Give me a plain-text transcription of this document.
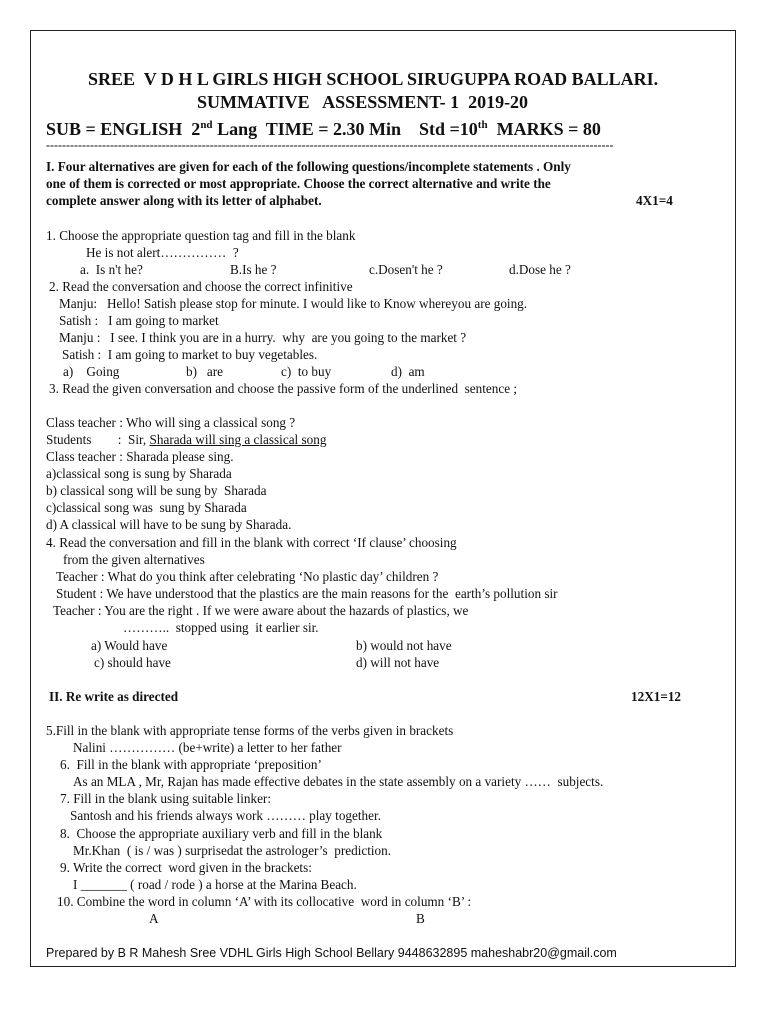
SREE  V D H L GIRLS HIGH SCHOOL SIRUGUPPA ROAD BALLARI.
SUMMATIVE   ASSESSMENT- 1  2019-20
SUB = ENGLISH  2nd Lang  TIME = 2.30 Min    Std =10th  MARKS = 80
----------------------------------------------------------------------------------------------------------------------------------------------
I. Four alternatives are given for each of the following questions/incomplete statements . Only
one of them is corrected or most appropriate. Choose the correct alternative and write the
complete answer along with its letter of alphabet.	4X1=4
1. Choose the appropriate question tag and fill in the blank
He is not alert……………  ?
a.  Is n't he?	B.Is he ?	c.Dosen't he ?	d.Dose he ?
2. Read the conversation and choose the correct infinitive
Manju:   Hello! Satish please stop for minute. I would like to Know whereyou are going.
Satish :   I am going to market
Manju :   I see. I think you are in a hurry.  why  are you going to the market ?
Satish :  I am going to market to buy vegetables.
a)    Going	b)   are	c)  to buy	d)  am
3. Read the given conversation and choose the passive form of the underlined  sentence ;
Class teacher : Who will sing a classical song ?
Students        :  Sir, Sharada will sing a classical song
Class teacher : Sharada please sing.
a)classical song is sung by Sharada
b) classical song will be sung by  Sharada
c)classical song was  sung by Sharada
d) A classical will have to be sung by Sharada.
4. Read the conversation and fill in the blank with correct ‘If clause’ choosing
from the given alternatives
Teacher : What do you think after celebrating ‘No plastic day’ children ?
Student : We have understood that the plastics are the main reasons for the  earth’s pollution sir
Teacher : You are the right . If we were aware about the hazards of plastics, we
………..  stopped using  it earlier sir.
a) Would have	b) would not have
c) should have	d) will not have
II. Re write as directed	12X1=12
5.Fill in the blank with appropriate tense forms of the verbs given in brackets
Nalini …………… (be+write) a letter to her father
6.  Fill in the blank with appropriate ‘preposition’
As an MLA , Mr, Rajan has made effective debates in the state assembly on a variety ……  subjects.
7. Fill in the blank using suitable linker:
Santosh and his friends always work ……… play together.
8.  Choose the appropriate auxiliary verb and fill in the blank
Mr.Khan  ( is / was ) surprisedat the astrologer’s  prediction.
9. Write the correct  word given in the brackets:
I _______ ( road / rode ) a horse at the Marina Beach.
10. Combine the word in column ‘A’ with its collocative  word in column ‘B’ :
A	B
Prepared by B R Mahesh Sree VDHL Girls High School Bellary 9448632895 maheshabr20@gmail.com
